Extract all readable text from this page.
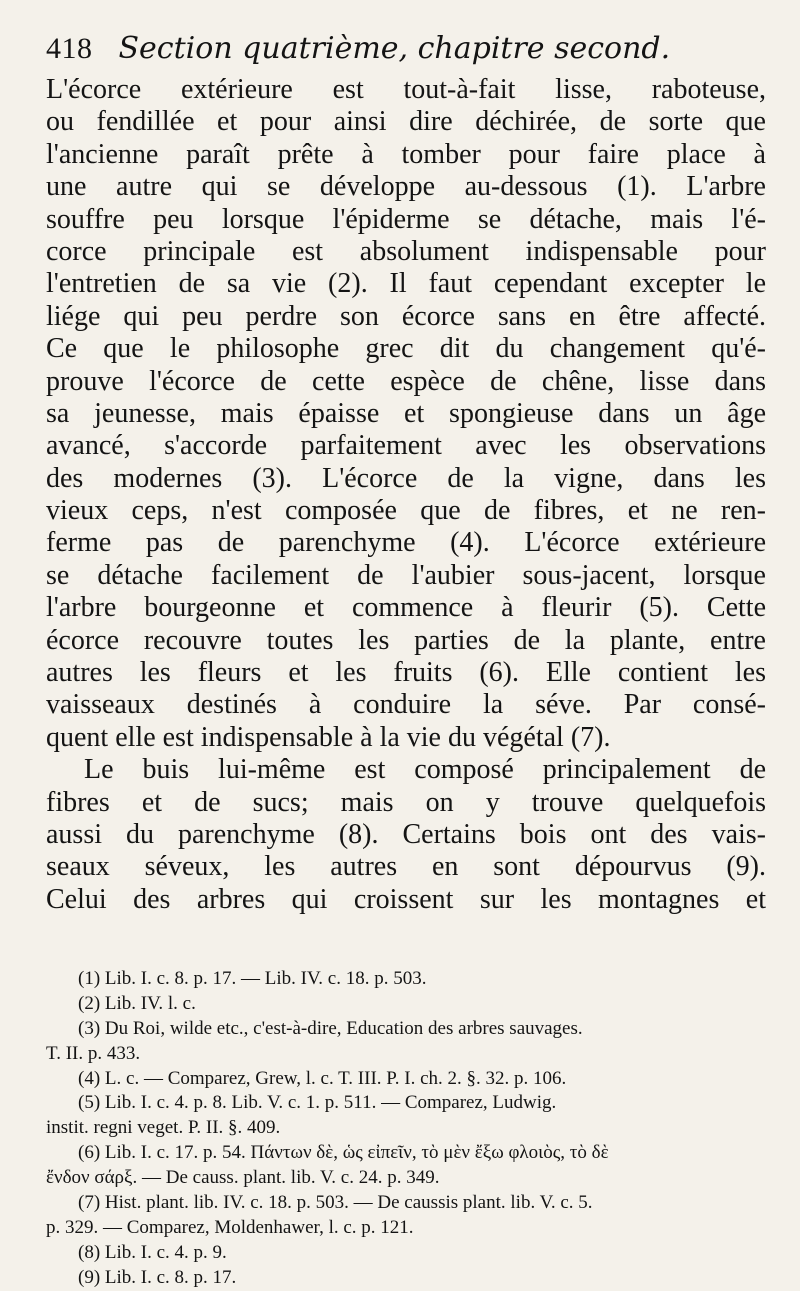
418 Section quatrième, chapitre second.
L'écorce extérieure est tout-à-fait lisse, raboteuse,
ou fendillée et pour ainsi dire déchirée, de sorte que
l'ancienne paraît prête à tomber pour faire place à
une autre qui se développe au-dessous (1). L'arbre
souffre peu lorsque l'épiderme se détache, mais l'é-
corce principale est absolument indispensable pour
l'entretien de sa vie (2). Il faut cependant excepter le
liége qui peu perdre son écorce sans en être affecté.
Ce que le philosophe grec dit du changement qu'é-
prouve l'écorce de cette espèce de chêne, lisse dans
sa jeunesse, mais épaisse et spongieuse dans un âge
avancé, s'accorde parfaitement avec les observations
des modernes (3). L'écorce de la vigne, dans les
vieux ceps, n'est composée que de fibres, et ne ren-
ferme pas de parenchyme (4). L'écorce extérieure
se détache facilement de l'aubier sous-jacent, lorsque
l'arbre bourgeonne et commence à fleurir (5). Cette
écorce recouvre toutes les parties de la plante, entre
autres les fleurs et les fruits (6). Elle contient les
vaisseaux destinés à conduire la séve. Par consé-
quent elle est indispensable à la vie du végétal (7).
Le buis lui-même est composé principalement de
fibres et de sucs; mais on y trouve quelquefois
aussi du parenchyme (8). Certains bois ont des vais-
seaux séveux, les autres en sont dépourvus (9).
Celui des arbres qui croissent sur les montagnes et
(1) Lib. I. c. 8. p. 17. — Lib. IV. c. 18. p. 503.
(2) Lib. IV. l. c.
(3) Du Roi, wilde etc., c'est-à-dire, Education des arbres sauvages.
T. II. p. 433.
(4) L. c. — Comparez, Grew, l. c. T. III. P. I. ch. 2. §. 32. p. 106.
(5) Lib. I. c. 4. p. 8. Lib. V. c. 1. p. 511. — Comparez, Ludwig.
instit. regni veget. P. II. §. 409.
(6) Lib. I. c. 17. p. 54. Πάντων δὲ, ὡς εἰπεῖν, τὸ μὲν ἔξω φλοιὸς, τὸ δὲ
ἔνδον σάρξ. — De causs. plant. lib. V. c. 24. p. 349.
(7) Hist. plant. lib. IV. c. 18. p. 503. — De caussis plant. lib. V. c. 5.
p. 329. — Comparez, Moldenhawer, l. c. p. 121.
(8) Lib. I. c. 4. p. 9.
(9) Lib. I. c. 8. p. 17.
